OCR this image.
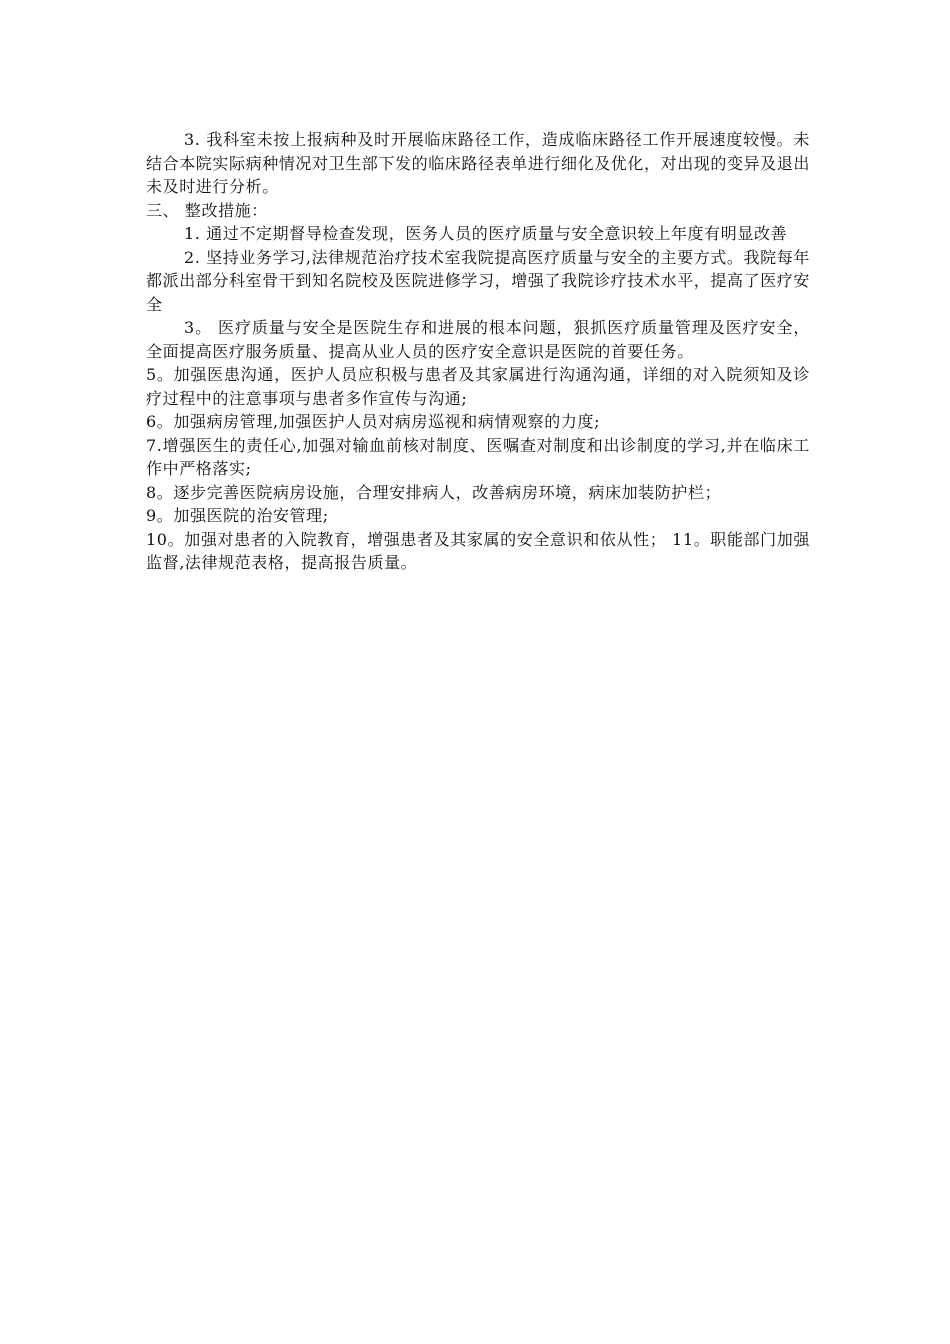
3. 我科室未按上报病种及时开展临床路径工作，造成临床路径工作开展速度较慢。未结合本院实际病种情况对卫生部下发的临床路径表单进行细化及优化，对出现的变异及退出未及时进行分析。

三、 整改措施：

1. 通过不定期督导检查发现，医务人员的医疗质量与安全意识较上年度有明显改善

2. 坚持业务学习,法律规范治疗技术室我院提高医疗质量与安全的主要方式。我院每年都派出部分科室骨干到知名院校及医院进修学习，增强了我院诊疗技术水平，提高了医疗安全

3。 医疗质量与安全是医院生存和进展的根本问题，狠抓医疗质量管理及医疗安全，全面提高医疗服务质量、提高从业人员的医疗安全意识是医院的首要任务。

5。加强医患沟通，医护人员应积极与患者及其家属进行沟通沟通，详细的对入院须知及诊疗过程中的注意事项与患者多作宣传与沟通;

6。加强病房管理,加强医护人员对病房巡视和病情观察的力度;

7.增强医生的责任心,加强对输血前核对制度、医嘱查对制度和出诊制度的学习,并在临床工作中严格落实;

8。逐步完善医院病房设施，合理安排病人，改善病房环境，病床加装防护栏；

9。加强医院的治安管理;

10。加强对患者的入院教育，增强患者及其家属的安全意识和依从性； 11。职能部门加强监督,法律规范表格，提高报告质量。
